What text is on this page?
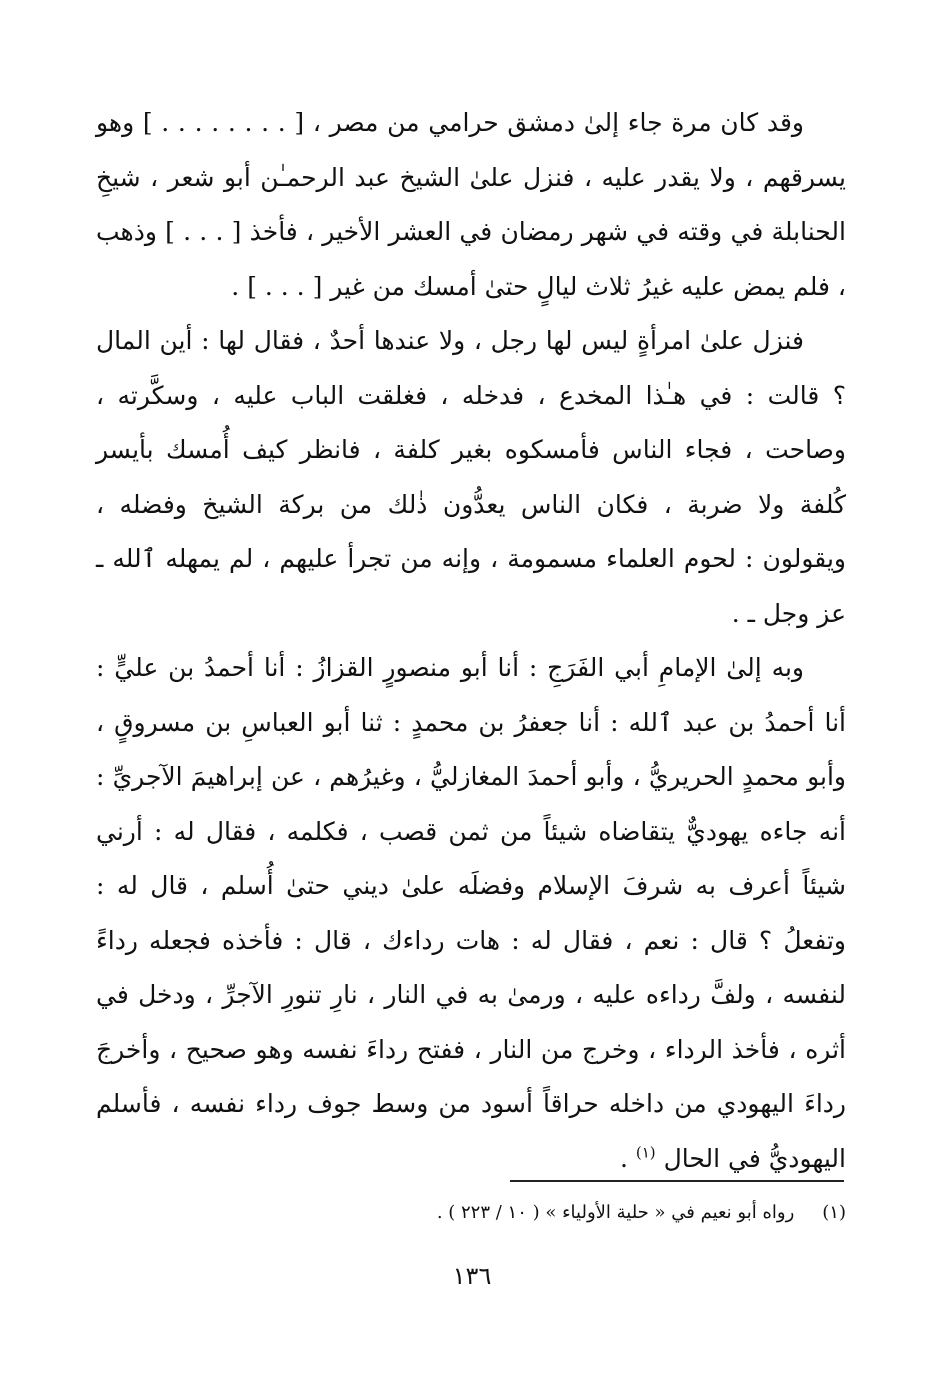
وقد كان مرة جاء إلىٰ دمشق حرامي من مصر ، [ . . . . . . . . ] وهو يسرقهم ، ولا يقدر عليه ، فنزل علىٰ الشيخ عبد الرحمـٰن أبو شعر ، شيخِ الحنابلة في وقته في شهر رمضان في العشر الأخير ، فأخذ [ . . . ] وذهب ، فلم يمض عليه غيرُ ثلاث ليالٍ حتىٰ أمسك من غير [ . . . ] .

فنزل علىٰ امرأةٍ ليس لها رجل ، ولا عندها أحدٌ ، فقال لها : أين المال ؟ قالت : في هـٰذا المخدع ، فدخله ، فغلقت الباب عليه ، وسكَّرته ، وصاحت ، فجاء الناس فأمسكوه بغير كلفة ، فانظر كيف أُمسك بأيسر كُلفة ولا ضربة ، فكان الناس يعدُّون ذٰلك من بركة الشيخ وفضله ، ويقولون : لحوم العلماء مسمومة ، وإنه من تجرأ عليهم ، لم يمهله ٱلله ـ عز وجل ـ .

وبه إلىٰ الإمامِ أبي الفَرَجِ : أنا أبو منصورٍ القزازُ : أنا أحمدُ بن عليٍّ : أنا أحمدُ بن عبد ٱلله : أنا جعفرُ بن محمدٍ : ثنا أبو العباسِ بن مسروقٍ ، وأبو محمدٍ الحريريُّ ، وأبو أحمدَ المغازليُّ ، وغيرُهم ، عن إبراهيمَ الآجريِّ : أنه جاءه يهوديٌّ يتقاضاه شيئاً من ثمن قصب ، فكلمه ، فقال له : أرني شيئاً أعرف به شرفَ الإسلام وفضلَه علىٰ ديني حتىٰ أُسلم ، قال له : وتفعلُ ؟ قال : نعم ، فقال له : هات رداءك ، قال : فأخذه فجعله رداءً لنفسه ، ولفَّ رداءه عليه ، ورمىٰ به في النار ، نارِ تنورِ الآجرِّ ، ودخل في أثره ، فأخذ الرداء ، وخرج من النار ، ففتح رداءَ نفسه وهو صحيح ، وأخرجَ رداءَ اليهودي من داخله حراقاً أسود من وسط جوف رداء نفسه ، فأسلم اليهوديُّ في الحال $^{(١)}$ .

(١)رواه أبو نعيم في « حلية الأولياء » ( ١٠ / ٢٢٣ ) .
١٣٦
